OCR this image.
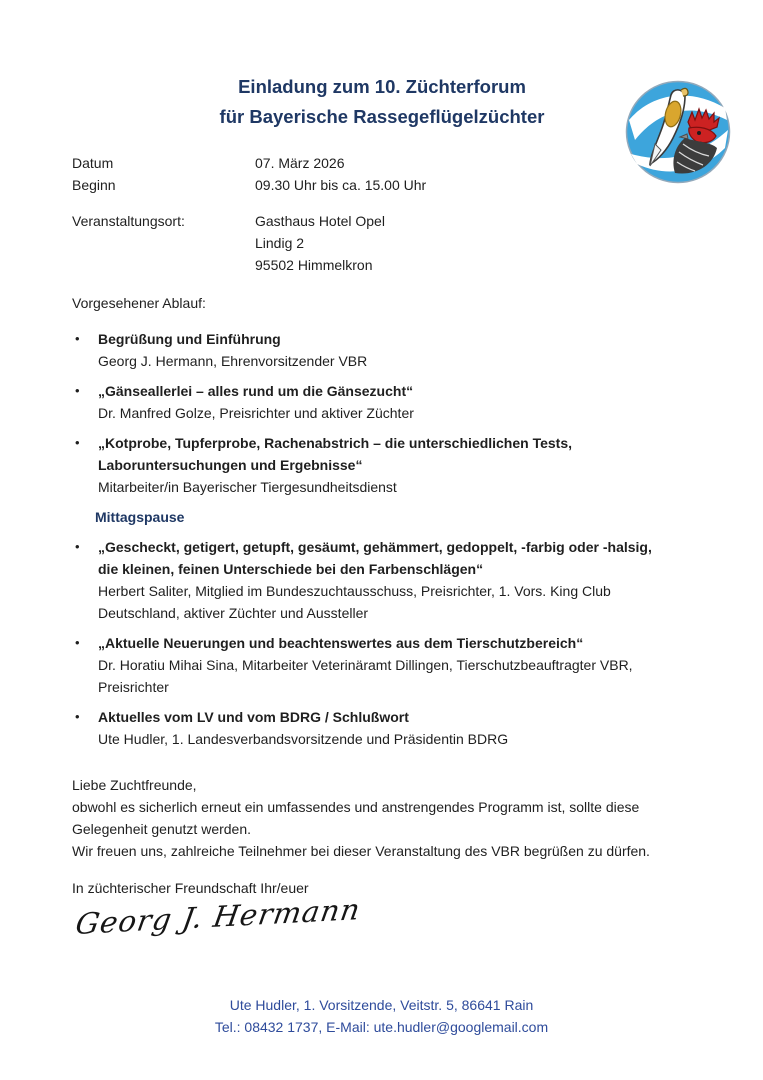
Einladung zum 10. Züchterforum
für Bayerische Rassegeflügelzüchter
Datum	07. März 2026
Beginn	09.30 Uhr bis ca. 15.00 Uhr
Veranstaltungsort:	Gasthaus Hotel Opel
Lindig 2
95502 Himmelkron
Vorgesehener Ablauf:
•	Begrüßung und Einführung
Georg J. Hermann, Ehrenvorsitzender VBR
•	„Gänseallerlei – alles rund um die Gänsezucht“
Dr. Manfred Golze, Preisrichter und aktiver Züchter
•	„Kotprobe, Tupferprobe, Rachenabstrich – die unterschiedlichen Tests,
Laboruntersuchungen und Ergebnisse“
Mitarbeiter/in Bayerischer Tiergesundheitsdienst
Mittagspause
•	„Gescheckt, getigert, getupft, gesäumt, gehämmert, gedoppelt, -farbig oder -halsig,
die kleinen, feinen Unterschiede bei den Farbenschlägen“
Herbert Saliter, Mitglied im Bundeszuchtausschuss, Preisrichter, 1. Vors. King Club
Deutschland, aktiver Züchter und Aussteller
•	„Aktuelle Neuerungen und beachtenswertes aus dem Tierschutzbereich“
Dr. Horatiu Mihai Sina, Mitarbeiter Veterinäramt Dillingen, Tierschutzbeauftragter VBR,
Preisrichter
•	Aktuelles vom LV und vom BDRG / Schlußwort
Ute Hudler, 1. Landesverbandsvorsitzende und Präsidentin BDRG
Liebe Zuchtfreunde,
obwohl es sicherlich erneut ein umfassendes und anstrengendes Programm ist, sollte diese
Gelegenheit genutzt werden.
Wir freuen uns, zahlreiche Teilnehmer bei dieser Veranstaltung des VBR begrüßen zu dürfen.
In züchterischer Freundschaft Ihr/euer
Georg J. Hermann
Ute Hudler, 1. Vorsitzende, Veitstr. 5, 86641 Rain
Tel.: 08432 1737, E-Mail: ute.hudler@googlemail.com
